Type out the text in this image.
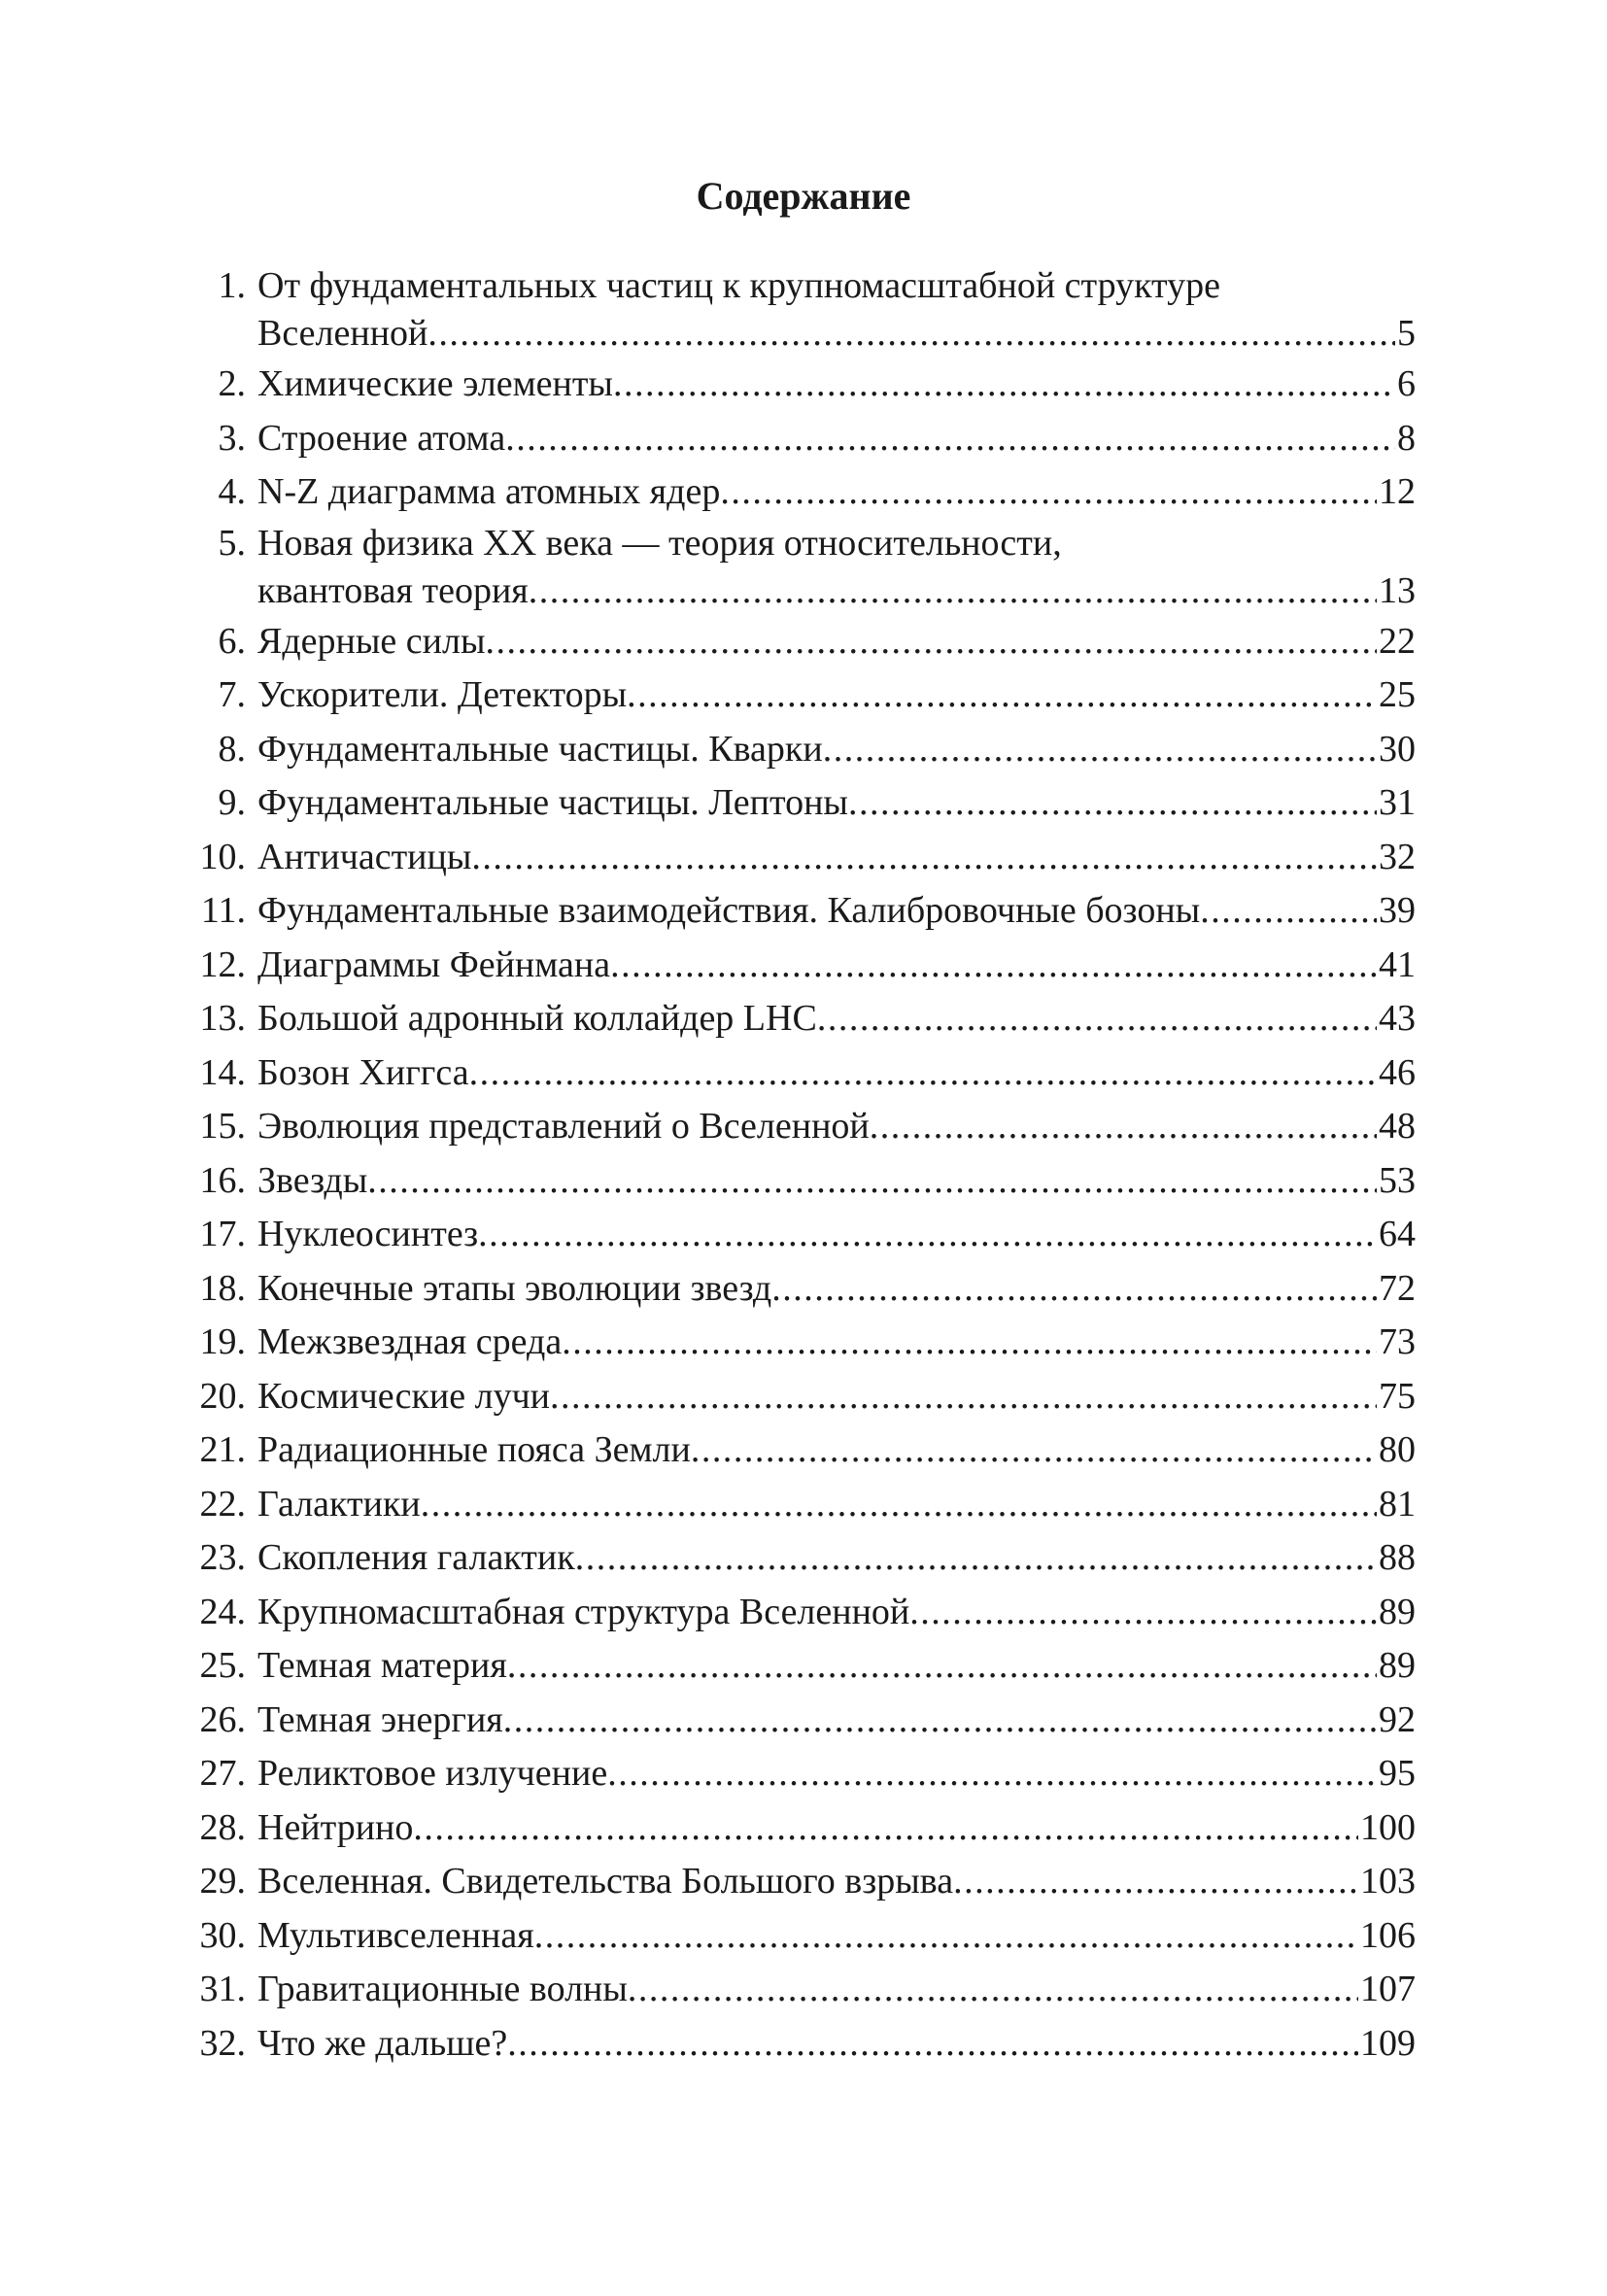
Содержание
1. От фундаментальных частиц к крупномасштабной структуре
Вселенной .....	5
2. Химические элементы .....	6
3. Строение атома .....	8
4. N-Z диаграмма атомных ядер .....	12
5. Новая физика XX века — теория относительности,
квантовая теория .....	13
6. Ядерные силы .....	22
7. Ускорители. Детекторы .....	25
8. Фундаментальные частицы. Кварки .....	30
9. Фундаментальные частицы. Лептоны .....	31
10. Античастицы .....	32
11. Фундаментальные взаимодействия. Калибровочные бозоны .....	39
12. Диаграммы Фейнмана .....	41
13. Большой адронный коллайдер LHC .....	43
14. Бозон Хиггса .....	46
15. Эволюция представлений о Вселенной .....	48
16. Звезды .....	53
17. Нуклеосинтез .....	64
18. Конечные этапы эволюции звезд .....	72
19. Межзвездная среда .....	73
20. Космические лучи .....	75
21. Радиационные пояса Земли .....	80
22. Галактики .....	81
23. Скопления галактик .....	88
24. Крупномасштабная структура Вселенной .....	89
25. Темная материя .....	89
26. Темная энергия .....	92
27. Реликтовое излучение .....	95
28. Нейтрино .....	100
29. Вселенная. Свидетельства Большого взрыва .....	103
30. Мультивселенная .....	106
31. Гравитационные волны .....	107
32. Что же дальше? .....	109
